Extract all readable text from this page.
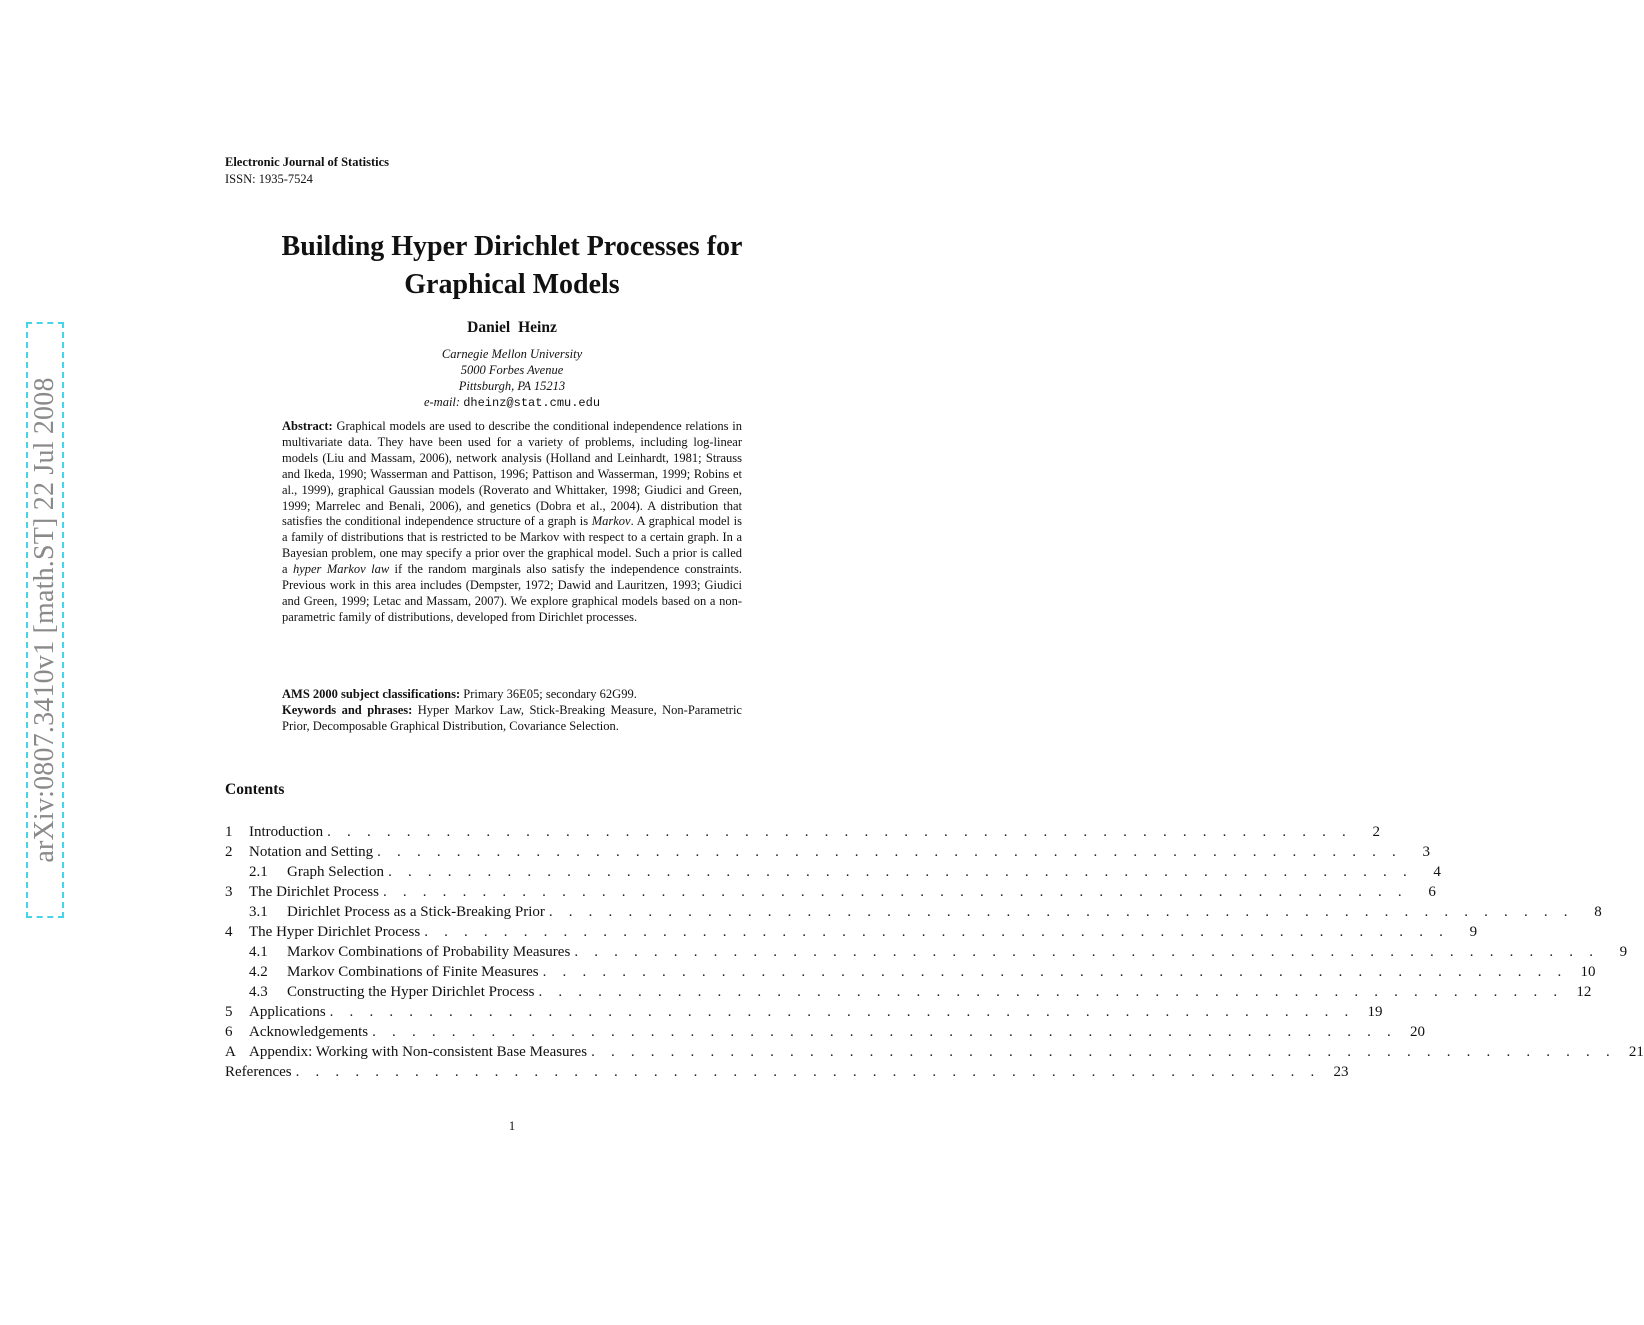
arXiv:0807.3410v1 [math.ST] 22 Jul 2008
Electronic Journal of Statistics
ISSN: 1935-7524
Building Hyper Dirichlet Processes for
Graphical Models
Daniel Heinz
Carnegie Mellon University
5000 Forbes Avenue
Pittsburgh, PA 15213
e-mail: dheinz@stat.cmu.edu
Abstract: Graphical models are used to describe the conditional independence relations in multivariate data. They have been used for a variety of problems, including log-linear models (Liu and Massam, 2006), network analysis (Holland and Leinhardt, 1981; Strauss and Ikeda, 1990; Wasserman and Pattison, 1996; Pattison and Wasserman, 1999; Robins et al., 1999), graphical Gaussian models (Roverato and Whittaker, 1998; Giudici and Green, 1999; Marrelec and Benali, 2006), and genetics (Dobra et al., 2004). A distribution that satisfies the conditional independence structure of a graph is Markov. A graphical model is a family of distributions that is restricted to be Markov with respect to a certain graph. In a Bayesian problem, one may specify a prior over the graphical model. Such a prior is called a hyper Markov law if the random marginals also satisfy the independence constraints. Previous work in this area includes (Dempster, 1972; Dawid and Lauritzen, 1993; Giudici and Green, 1999; Letac and Massam, 2007). We explore graphical models based on a non-parametric family of distributions, developed from Dirichlet processes.
AMS 2000 subject classifications: Primary 36E05; secondary 62G99.
Keywords and phrases: Hyper Markov Law, Stick-Breaking Measure, Non-Parametric Prior, Decomposable Graphical Distribution, Covariance Selection.
Contents
1	Introduction . . . . . . . . . . . . . . . . . . . . . . . . . . . . . . . . . . . . . . . . . . . . . . . . . . . .	2
2	Notation and Setting . . . . . . . . . . . . . . . . . . . . . . . . . . . . . . . . . . . . . . . . . . . . . . . . . . . .	3
2.1	Graph Selection . . . . . . . . . . . . . . . . . . . . . . . . . . . . . . . . . . . . . . . . . . . . . . . . . . . .	4
3	The Dirichlet Process . . . . . . . . . . . . . . . . . . . . . . . . . . . . . . . . . . . . . . . . . . . . . . . . . . . .	6
3.1	Dirichlet Process as a Stick-Breaking Prior . . . . . . . . . . . . . . . . . . . . . . . . . . . . . . . . . . . . . . . . . . . . . . . . . . . .	8
4	The Hyper Dirichlet Process . . . . . . . . . . . . . . . . . . . . . . . . . . . . . . . . . . . . . . . . . . . . . . . . . . . .	9
4.1	Markov Combinations of Probability Measures . . . . . . . . . . . . . . . . . . . . . . . . . . . . . . . . . . . . . . . . . . . . . . . . . . . .	9
4.2	Markov Combinations of Finite Measures . . . . . . . . . . . . . . . . . . . . . . . . . . . . . . . . . . . . . . . . . . . . . . . . . . . . 10
4.3	Constructing the Hyper Dirichlet Process . . . . . . . . . . . . . . . . . . . . . . . . . . . . . . . . . . . . . . . . . . . . . . . . . . . . 12
5	Applications . . . . . . . . . . . . . . . . . . . . . . . . . . . . . . . . . . . . . . . . . . . . . . . . . . . . 19
6	Acknowledgements . . . . . . . . . . . . . . . . . . . . . . . . . . . . . . . . . . . . . . . . . . . . . . . . . . . . 20
A Appendix: Working with Non-consistent Base Measures . . . . . . . . . . . . . . . . . . . . . . . . . . . . . . . . . . . . . . . . . . . . . . . . . . . . 21
References . . . . . . . . . . . . . . . . . . . . . . . . . . . . . . . . . . . . . . . . . . . . . . . . . . . . 23
1
